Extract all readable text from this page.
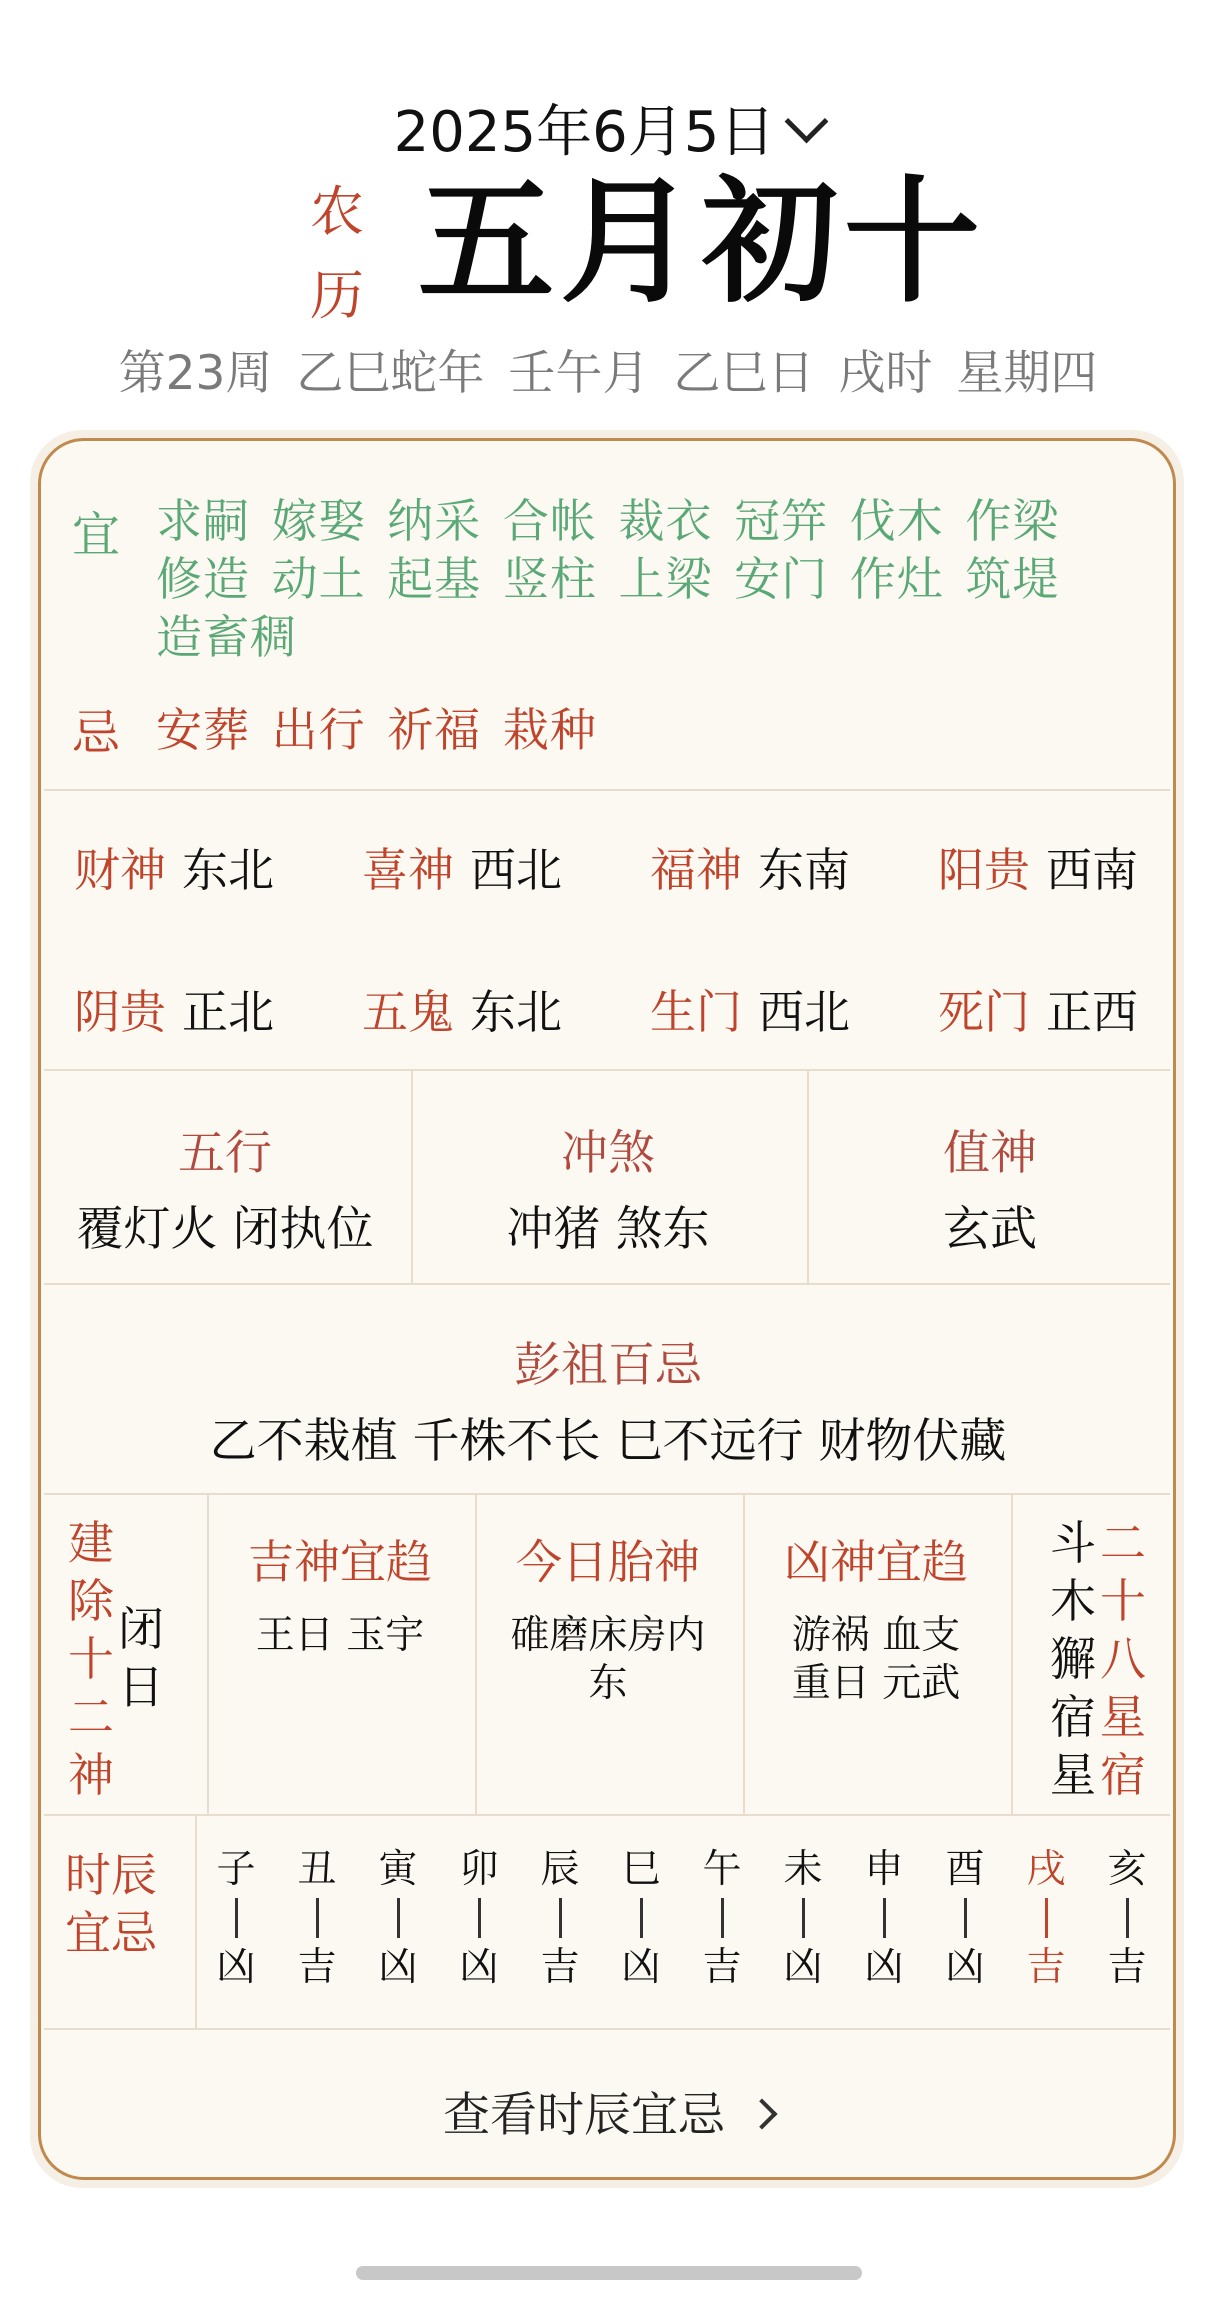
2025年6月5日
农
历 五月初十
第23周 乙巳蛇年 壬午月 乙巳日 戌时 星期四
宜 求嗣 嫁娶 纳采 合帐 裁衣 冠笄 伐木 作梁 修造 动土 起基 竖柱 上梁 安门 作灶 筑堤 造畜稠
忌 安葬 出行 祈福 栽种
财神 东北 喜神 西北 福神 东南 阳贵 西南
阴贵 正北 五鬼 东北 生门 西北 死门 正西
五行
覆灯火 闭执位
冲煞
冲猪 煞东
值神
玄武
彭祖百忌
乙不栽植 千株不长 巳不远行 财物伏藏
建
除
十
二
神
闭
日
吉神宜趋
王日 玉宇
今日胎神
碓磨床房内
东
凶神宜趋
游祸 血支
重日 元武
斗
木
獬
宿
星
二
十
八
星
宿
时辰
宜忌
子
凶
丑
吉
寅
凶
卯
凶
辰
吉
巳
凶
午
吉
未
凶
申
凶
酉
凶
戌
吉
亥
吉
查看时辰宜忌
